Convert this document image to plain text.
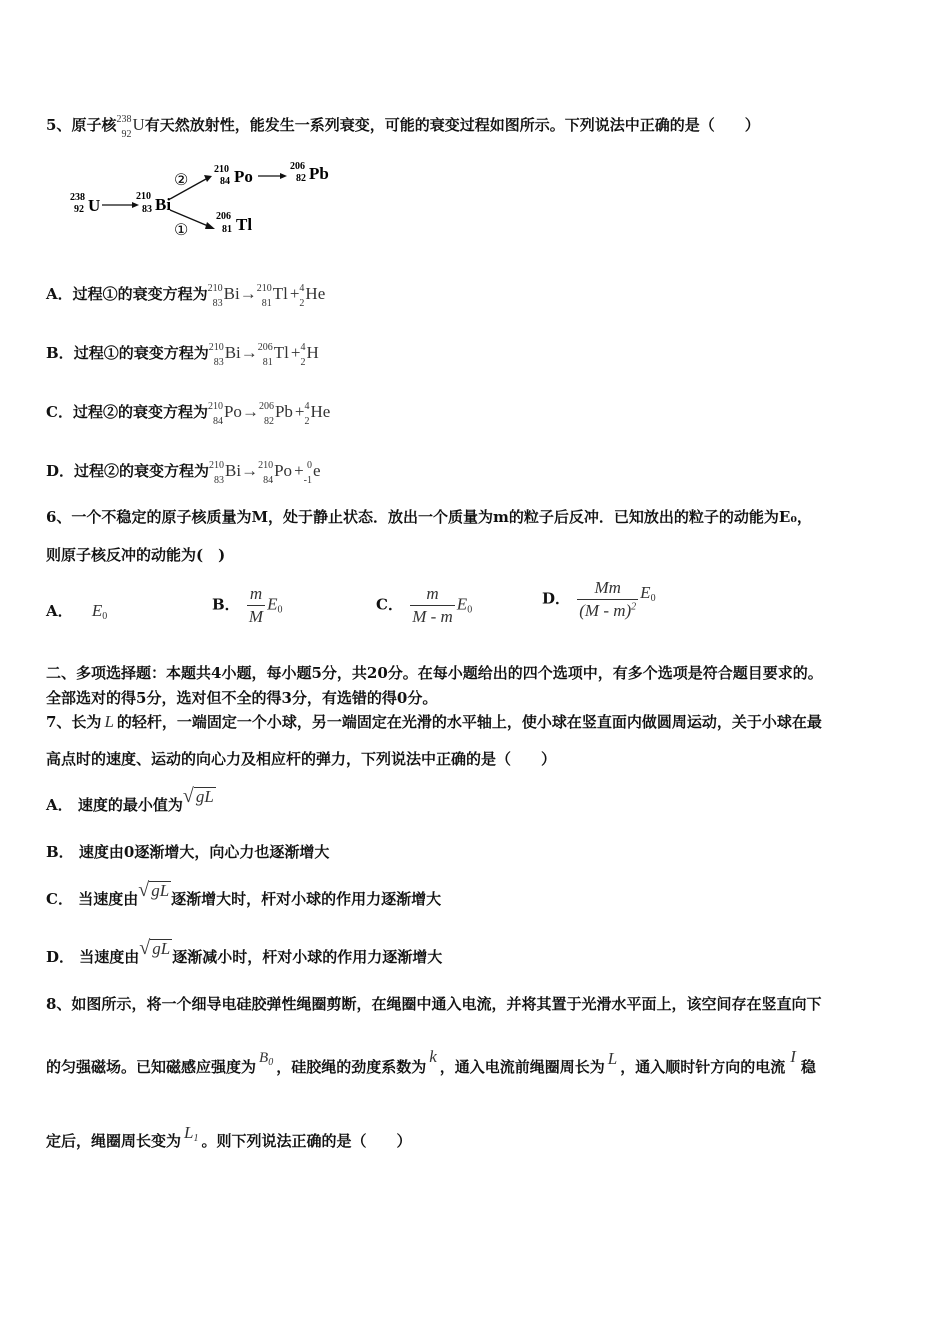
5、原子核 238
92
U有天然放射性，能发生一系列衰变，可能的衰变过程如图所示。下列说法中正确的是（　　）
238
92 U	210
83 Bi
②
210
84 Po
206
82 Pb
①
206
81 Tl
A．过程①的衰变方程为 210
83
Bi→ 210
81
Tl + 4
2
He
B．过程①的衰变方程为 210
83
Bi→ 206
81
Tl + 4
2
H
C．过程②的衰变方程为 210
84
Po→ 206
82
Pb + 4
2
He
D．过程②的衰变方程为 210
83
Bi→ 210
84
Po + 0
-1
e
6、一个不稳定的原子核质量为M，处于静止状态．放出一个质量为m的粒子后反冲．已知放出的粒子的动能为E₀，
则原子核反冲的动能为(　)
A． $E_0$
B． $\frac{m}{M} E_0$	C． $\frac{m}{M - m} E_0$
D． $\frac{Mm}{(M - m)^2} E^0$
二、多项选择题：本题共4小题，每小题5分，共20分。在每小题给出的四个选项中，有多个选项是符合题目要求的。
全部选对的得5分，选对但不全的得3分，有选错的得0分。
7、长为 L 的轻杆，一端固定一个小球，另一端固定在光滑的水平轴上，使小球在竖直面内做圆周运动，关于小球在最
高点时的速度、运动的向心力及相应杆的弹力，下列说法中正确的是（　　）
A． 速度的最小值为 √ gL
B． 速度由0逐渐增大，向心力也逐渐增大
C． 当速度由 √ gL 逐渐增大时，杆对小球的作用力逐渐增大
D． 当速度由 √ gL 逐渐减小时，杆对小球的作用力逐渐增大
8、如图所示，将一个细导电硅胶弹性绳圈剪断，在绳圈中通入电流，并将其置于光滑水平面上，该空间存在竖直向下
的匀强磁场。已知磁感应强度为 $B_0$ ，硅胶绳的劲度系数为k，通入电流前绳圈周长为 L ，通入顺时针方向的电流I稳
定后，绳圈周长变为 $L_1$ 。则下列说法正确的是（　　）
